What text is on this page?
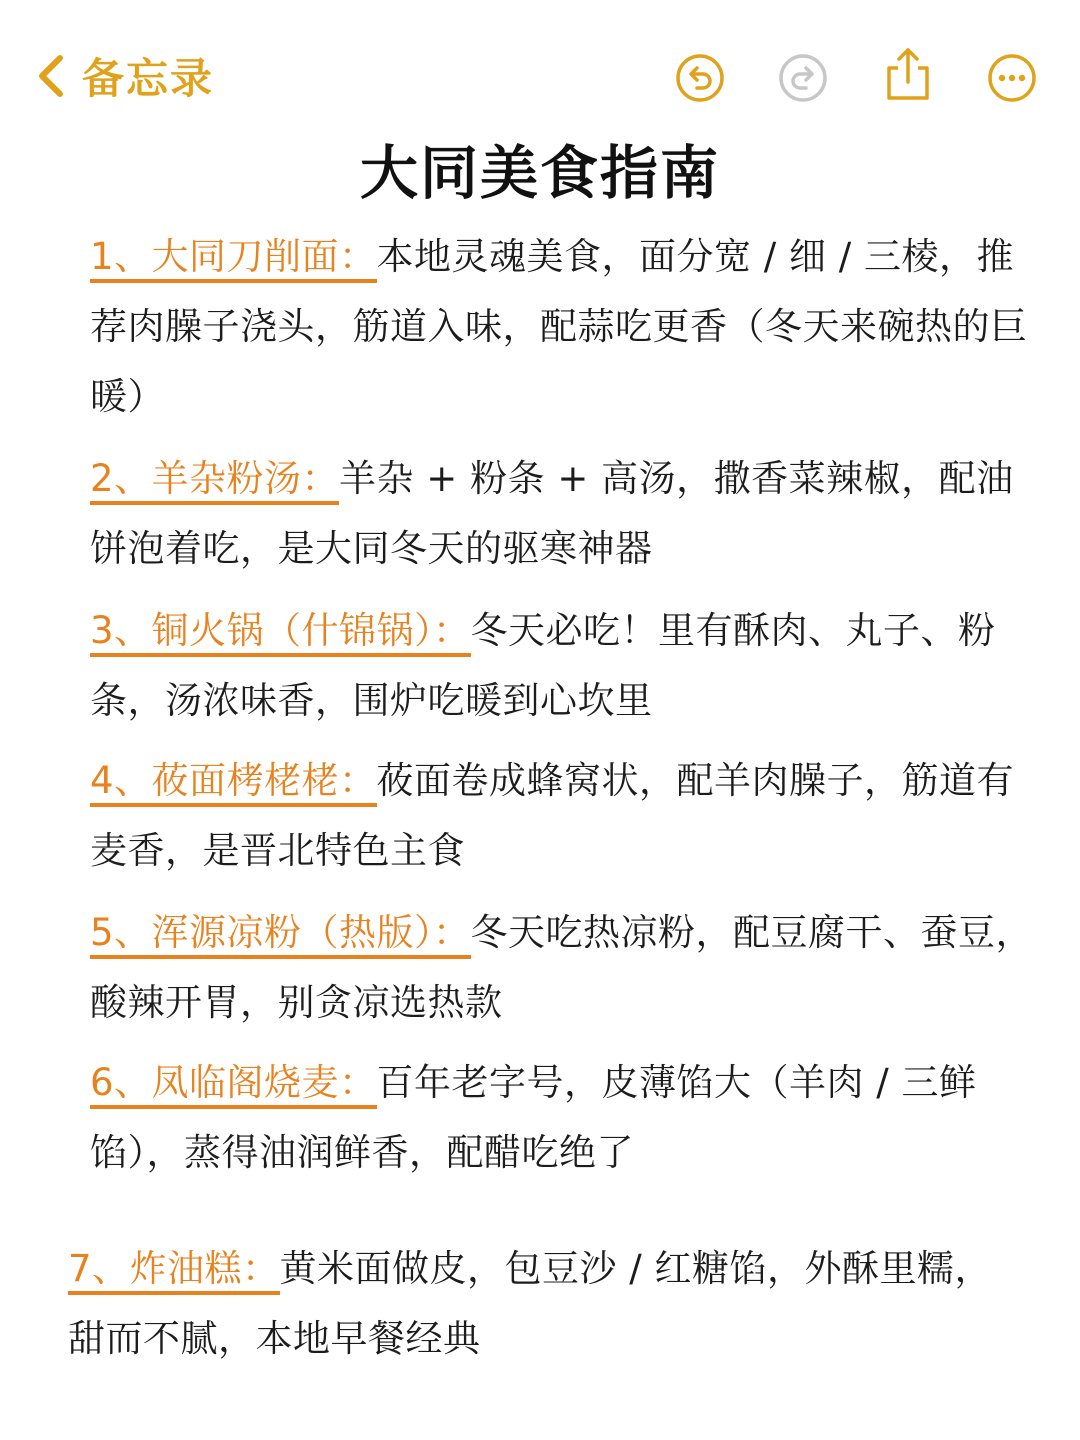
备忘录
大同美食指南
1、大同刀削面：本地灵魂美食，面分宽 / 细 / 三棱，推荐肉臊子浇头，筋道入味，配蒜吃更香（冬天来碗热的巨暖）
2、羊杂粉汤：羊杂 + 粉条 + 高汤，撒香菜辣椒，配油饼泡着吃，是大同冬天的驱寒神器
3、铜火锅（什锦锅）：冬天必吃！里有酥肉、丸子、粉条，汤浓味香，围炉吃暖到心坎里
4、莜面栲栳栳：莜面卷成蜂窝状，配羊肉臊子，筋道有麦香，是晋北特色主食
5、浑源凉粉（热版）：冬天吃热凉粉，配豆腐干、蚕豆，酸辣开胃，别贪凉选热款
6、凤临阁烧麦：百年老字号，皮薄馅大（羊肉 / 三鲜馅），蒸得油润鲜香，配醋吃绝了
7、炸油糕：黄米面做皮，包豆沙 / 红糖馅，外酥里糯，甜而不腻，本地早餐经典
